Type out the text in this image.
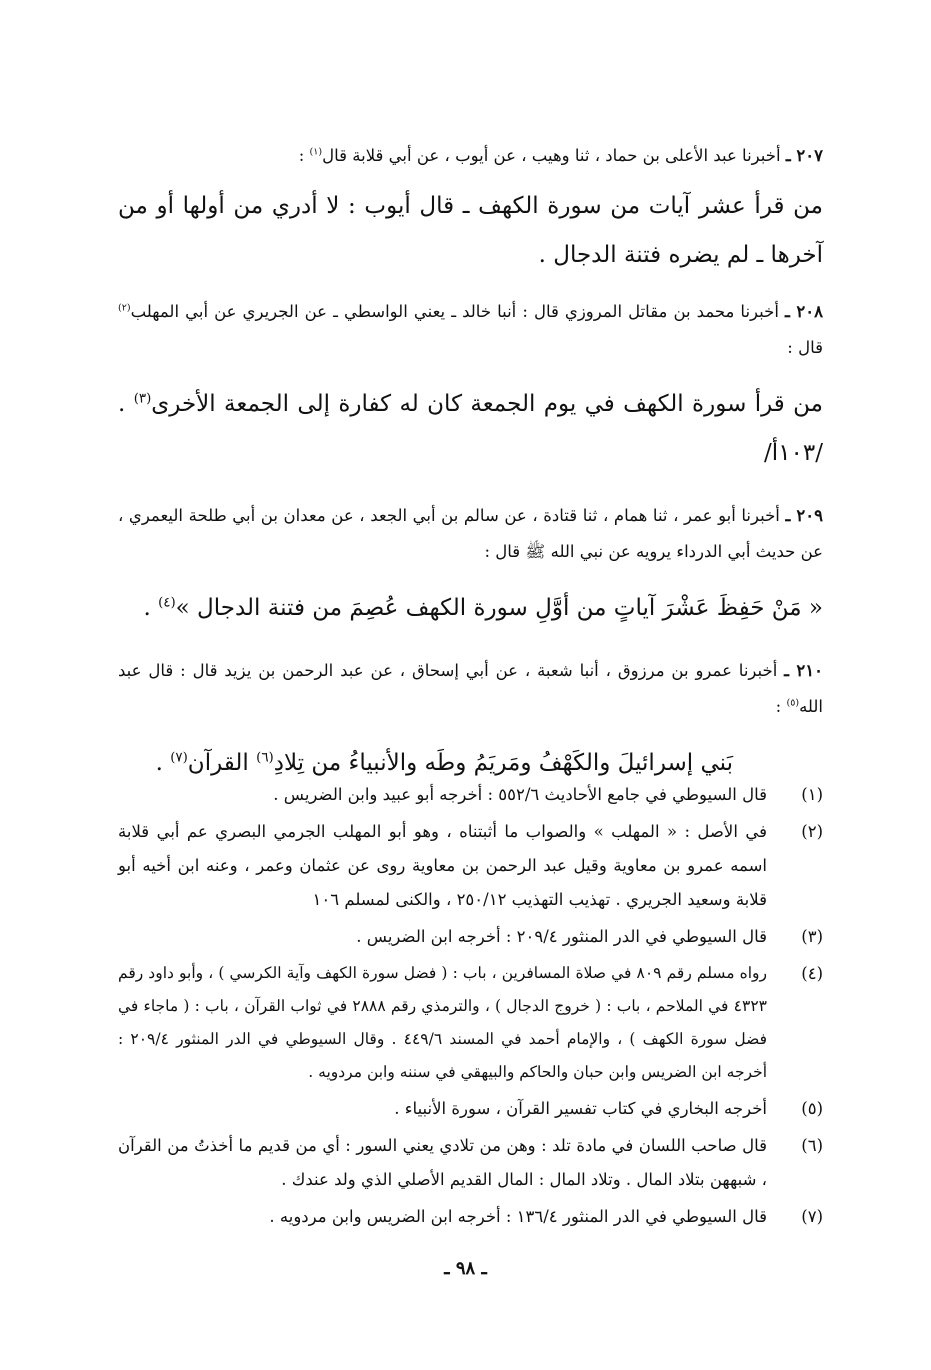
٢٠٧ ـ أخبرنا عبد الأعلى بن حماد ، ثنا وهيب ، عن أيوب ، عن أبي قلابة قال$^{(١)}$ :

من قرأ عشر آيات من سورة الكهف ـ قال أيوب : لا أدري من أولها أو من آخرها ـ لم يضره فتنة الدجال .

٢٠٨ ـ أخبرنا محمد بن مقاتل المروزي قال : أنبا خالد ـ يعني الواسطي ـ عن الجريري عن أبي المهلب$^{(٢)}$ قال :

من قرأ سورة الكهف في يوم الجمعة كان له كفارة إلى الجمعة الأخرى$^{(٣)}$ . /١٠٣أ/

٢٠٩ ـ أخبرنا أبو عمر ، ثنا همام ، ثنا قتادة ، عن سالم بن أبي الجعد ، عن معدان بن أبي طلحة اليعمري ، عن حديث أبي الدرداء يرويه عن نبي الله ﷺ قال :

« مَنْ حَفِظَ عَشْرَ آياتٍ من أوَّلِ سورة الكهف عُصِمَ من فتنة الدجال »$^{(٤)}$ .

٢١٠ ـ أخبرنا عمرو بن مرزوق ، أنبا شعبة ، عن أبي إسحاق ، عن عبد الرحمن بن يزيد قال : قال عبد الله$^{(٥)}$ :

بَني إسرائيلَ والكَهْفُ ومَريَمُ وطَه والأنبياءُ من تِلادِ$^{(٦)}$ القرآن$^{(٧)}$ .

(١)
قال السيوطي في جامع الأحاديث ٥٥٢/٦ : أخرجه أبو عبيد وابن الضريس .
(٢)
في الأصل : « المهلب » والصواب ما أثبتناه ، وهو أبو المهلب الجرمي البصري عم أبي قلابة اسمه عمرو بن معاوية وقيل عبد الرحمن بن معاوية روى عن عثمان وعمر ، وعنه ابن أخيه أبو قلابة وسعيد الجريري . تهذيب التهذيب ٢٥٠/١٢ ، والكنى لمسلم ١٠٦
(٣)
قال السيوطي في الدر المنثور ٢٠٩/٤ : أخرجه ابن الضريس .
(٤)
رواه مسلم رقم ٨٠٩ في صلاة المسافرين ، باب : ( فضل سورة الكهف وآية الكرسي ) ، وأبو داود رقم ٤٣٢٣ في الملاحم ، باب : ( خروج الدجال ) ، والترمذي رقم ٢٨٨٨ في ثواب القرآن ، باب : ( ماجاء في فضل سورة الكهف ) ، والإمام أحمد في المسند ٤٤٩/٦ . وقال السيوطي في الدر المنثور ٢٠٩/٤ : أخرجه ابن الضريس وابن حبان والحاكم والبيهقي في سننه وابن مردويه .
(٥)
أخرجه البخاري في كتاب تفسير القرآن ، سورة الأنبياء .
(٦)
قال صاحب اللسان في مادة تلد : وهن من تلادي يعني السور : أي من قديم ما أخذتُ من القرآن ، شبههن بتلاد المال . وتلاد المال : المال القديم الأصلي الذي ولد عندك .
(٧)
قال السيوطي في الدر المنثور ١٣٦/٤ : أخرجه ابن الضريس وابن مردويه .
ـ ٩٨ ـ
